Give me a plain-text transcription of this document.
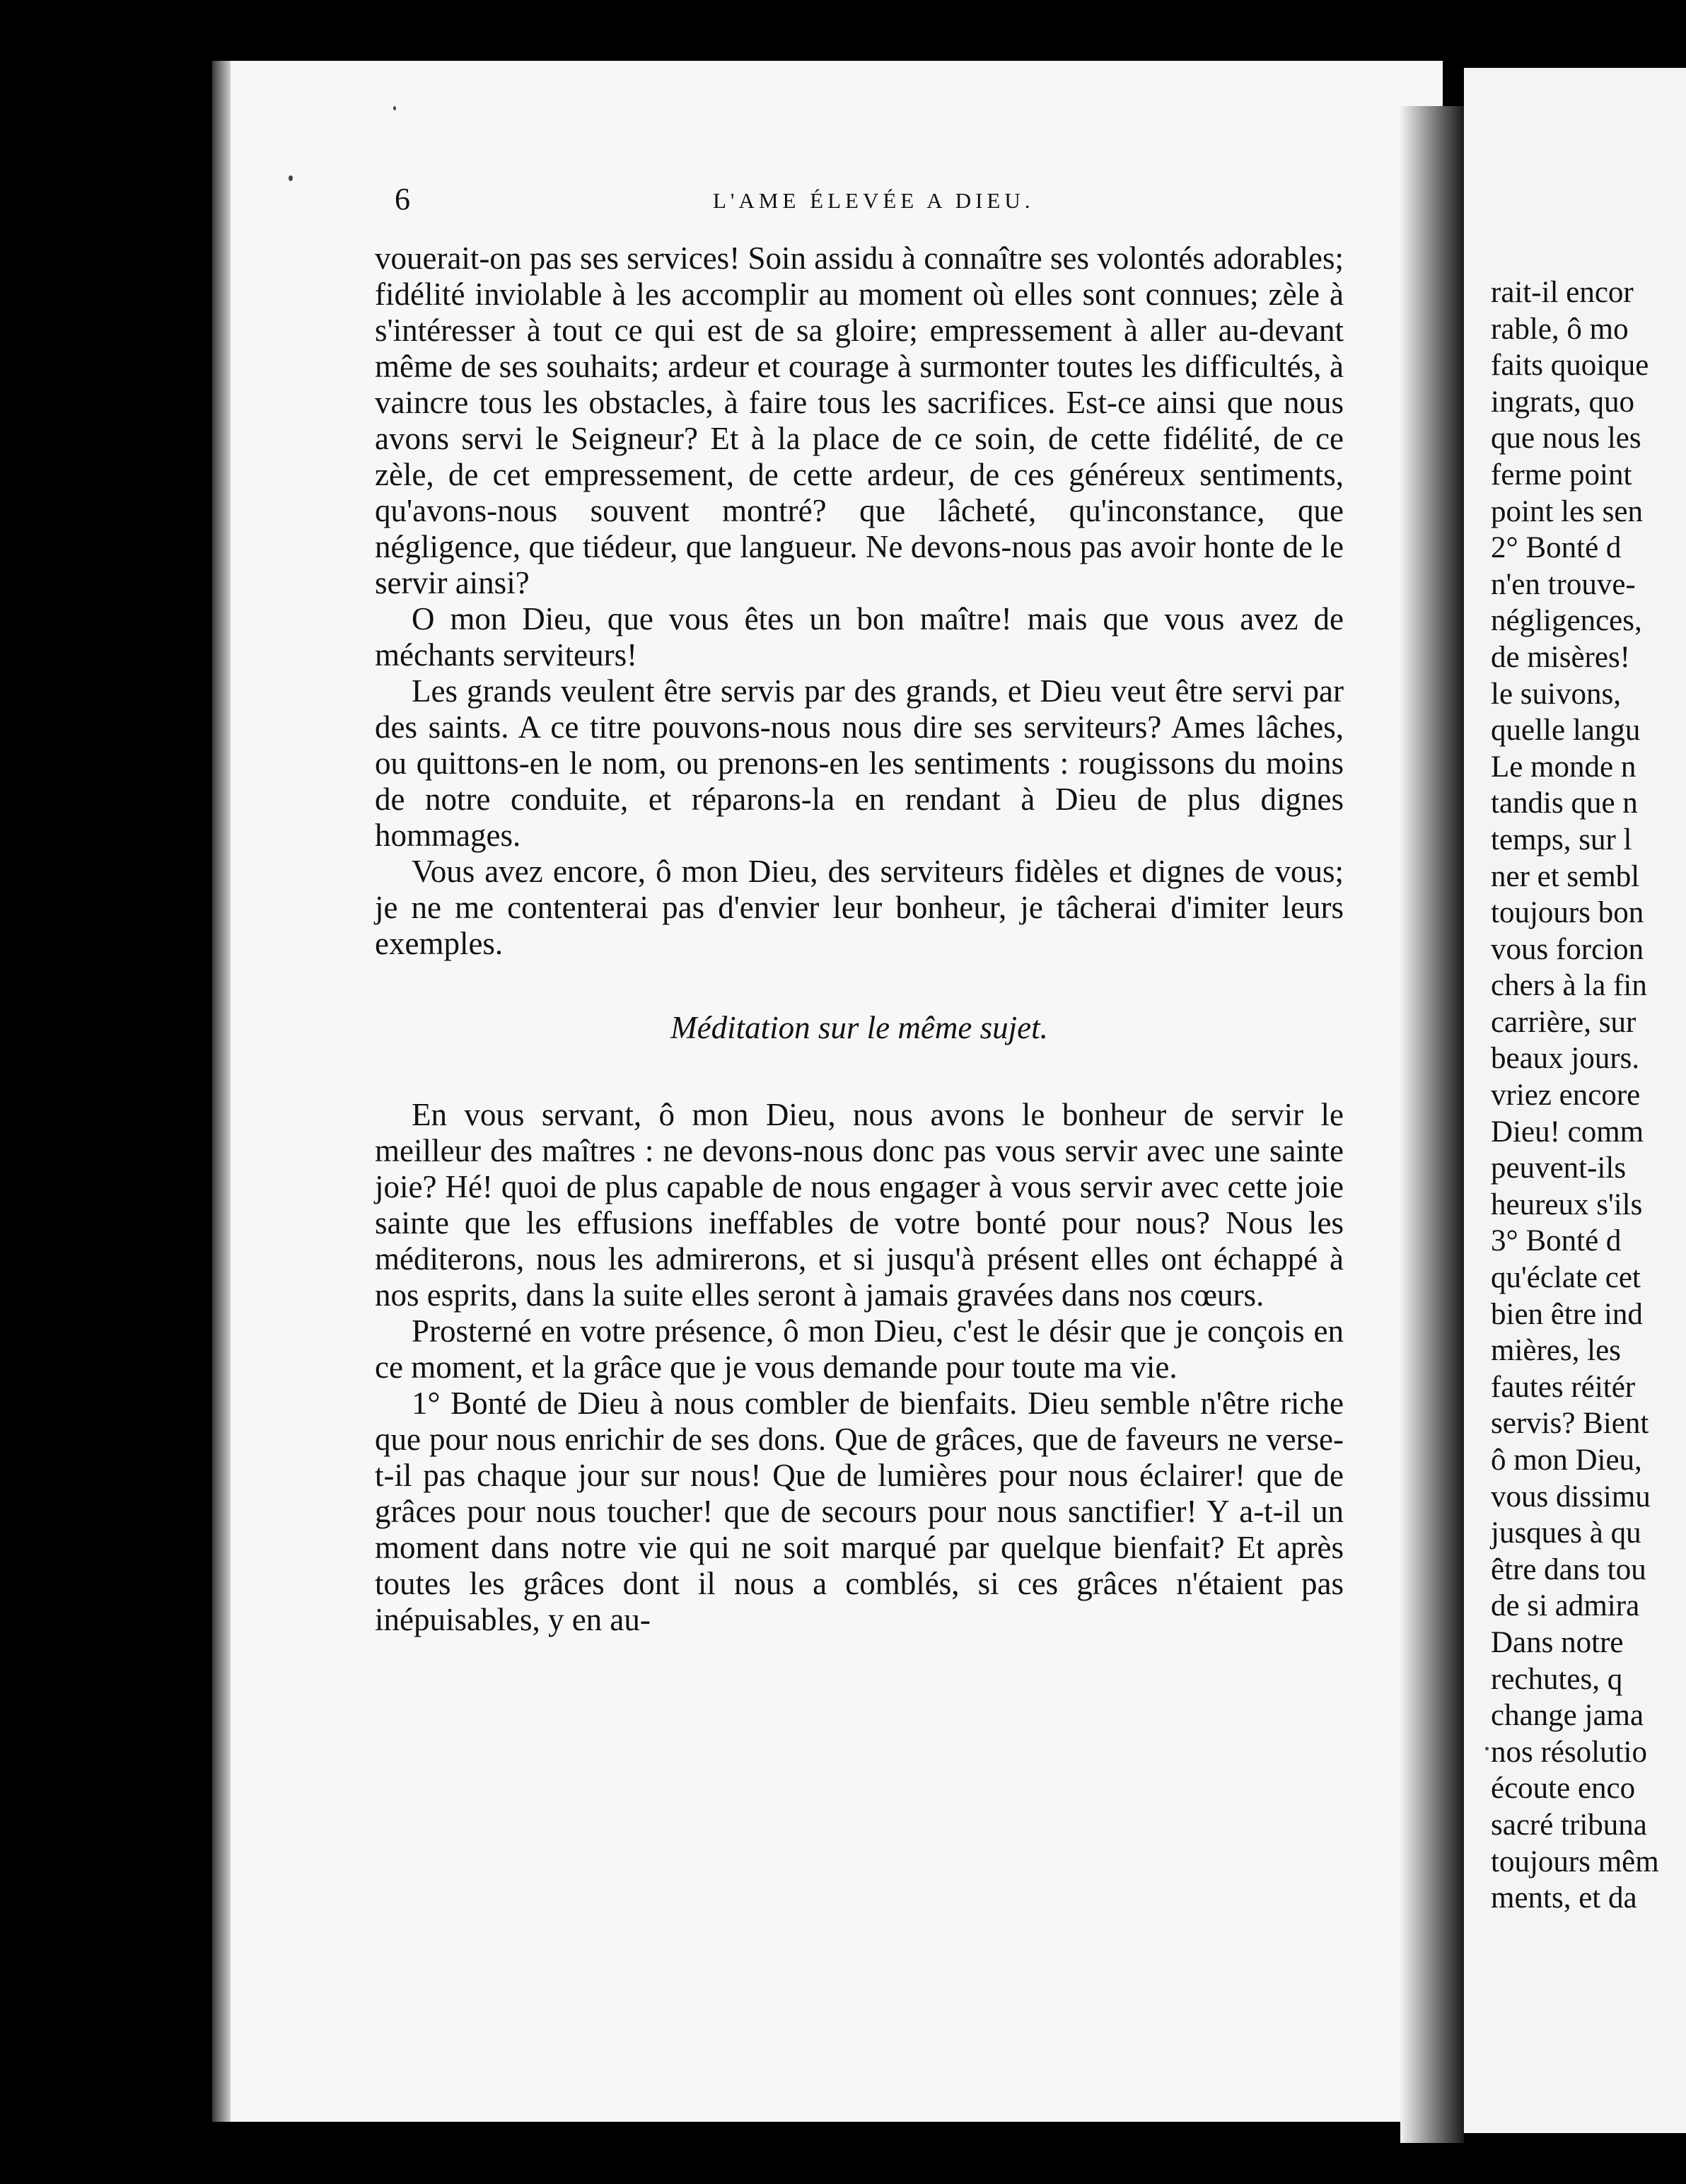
rait-il encor
rable, ô mo
faits quoique
ingrats, quo
que nous les
ferme point
point les sen
2° Bonté d
n'en trouve-
négligences,
de misères!
le suivons,
quelle langu
Le monde n
tandis que n
temps, sur l
ner et sembl
toujours bon
vous forcion
chers à la fin
carrière, sur
beaux jours.
vriez encore
Dieu! comm
peuvent-ils
heureux s'ils
3° Bonté d
qu'éclate cet
bien être ind
mières, les
fautes réitér
servis? Bient
ô mon Dieu,
vous dissimu
jusques à qu
être dans tou
de si admira
Dans notre
rechutes, q
change jama
nos résolutio
écoute enco
sacré tribuna
toujours mêm
ments, et da
6	L'AME ÉLEVÉE A DIEU.

vouerait-on pas ses services! Soin assidu à connaître ses volontés adorables; fidélité inviolable à les accomplir au moment où elles sont connues; zèle à s'intéresser à tout ce qui est de sa gloire; empressement à aller au-devant même de ses souhaits; ardeur et courage à surmonter toutes les difficultés, à vaincre tous les obstacles, à faire tous les sacrifices. Est-ce ainsi que nous avons servi le Seigneur? Et à la place de ce soin, de cette fidélité, de ce zèle, de cet empressement, de cette ardeur, de ces généreux sentiments, qu'avons-nous souvent montré? que lâcheté, qu'inconstance, que négligence, que tiédeur, que langueur. Ne devons-nous pas avoir honte de le servir ainsi?

O mon Dieu, que vous êtes un bon maître! mais que vous avez de méchants serviteurs!

Les grands veulent être servis par des grands, et Dieu veut être servi par des saints. A ce titre pouvons-nous nous dire ses serviteurs? Ames lâches, ou quittons-en le nom, ou prenons-en les sentiments : rougissons du moins de notre conduite, et réparons-la en rendant à Dieu de plus dignes hommages.

Vous avez encore, ô mon Dieu, des serviteurs fidèles et dignes de vous; je ne me contenterai pas d'envier leur bonheur, je tâcherai d'imiter leurs exemples.

Méditation sur le même sujet.

En vous servant, ô mon Dieu, nous avons le bonheur de servir le meilleur des maîtres : ne devons-nous donc pas vous servir avec une sainte joie? Hé! quoi de plus capable de nous engager à vous servir avec cette joie sainte que les effusions ineffables de votre bonté pour nous? Nous les méditerons, nous les admirerons, et si jusqu'à présent elles ont échappé à nos esprits, dans la suite elles seront à jamais gravées dans nos cœurs.

Prosterné en votre présence, ô mon Dieu, c'est le désir que je conçois en ce moment, et la grâce que je vous demande pour toute ma vie.

1° Bonté de Dieu à nous combler de bienfaits. Dieu semble n'être riche que pour nous enrichir de ses dons. Que de grâces, que de faveurs ne verse-t-il pas chaque jour sur nous! Que de lumières pour nous éclairer! que de grâces pour nous toucher! que de secours pour nous sanctifier! Y a-t-il un moment dans notre vie qui ne soit marqué par quelque bienfait? Et après toutes les grâces dont il nous a comblés, si ces grâces n'étaient pas inépuisables, y en au-
